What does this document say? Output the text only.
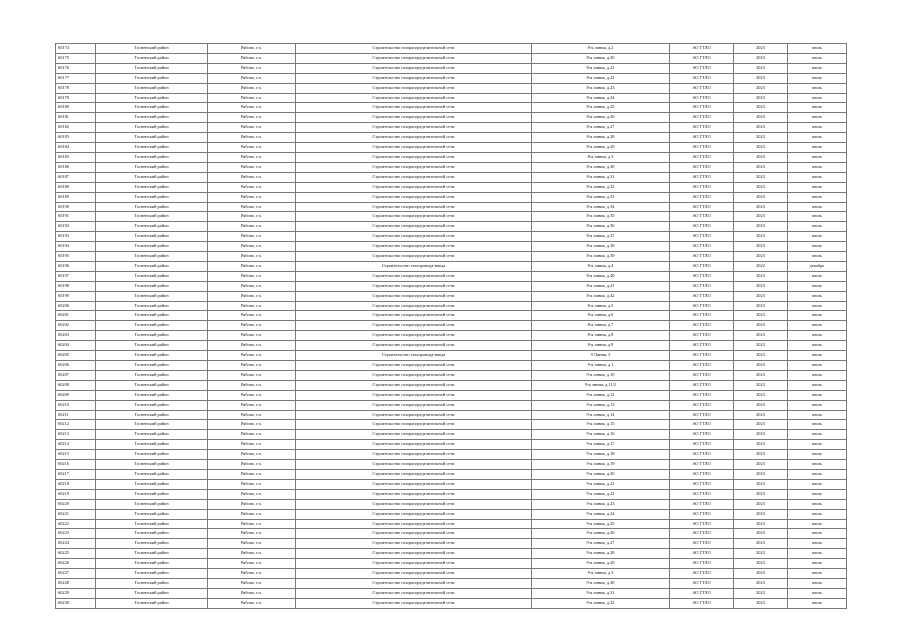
60174	Тосненский район	Рябово, г.п.	Строительство газораспределительной сети	8-я линия, д.2	АО ГТЛО	2023	июль
60175	Тосненский район	Рябово, г.п.	Строительство газораспределительной сети	8-я линия, д.20	АО ГТЛО	2023	июль
60176	Тосненский район	Рябово, г.п.	Строительство газораспределительной сети	8-я линия, д.21	АО ГТЛО	2023	июль
60177	Тосненский район	Рябово, г.п.	Строительство газораспределительной сети	8-я линия, д.22	АО ГТЛО	2023	июль
60178	Тосненский район	Рябово, г.п.	Строительство газораспределительной сети	8-я линия, д.23	АО ГТЛО	2023	июль
60179	Тосненский район	Рябово, г.п.	Строительство газораспределительной сети	8-я линия, д.24	АО ГТЛО	2023	июль
60180	Тосненский район	Рябово, г.п.	Строительство газораспределительной сети	8-я линия, д.25	АО ГТЛО	2023	июль
60181	Тосненский район	Рябово, г.п.	Строительство газораспределительной сети	8-я линия, д.26	АО ГТЛО	2023	июль
60182	Тосненский район	Рябово, г.п.	Строительство газораспределительной сети	8-я линия, д.27	АО ГТЛО	2023	июль
60183	Тосненский район	Рябово, г.п.	Строительство газораспределительной сети	8-я линия, д.28	АО ГТЛО	2023	июль
60184	Тосненский район	Рябово, г.п.	Строительство газораспределительной сети	8-я линия, д.29	АО ГТЛО	2023	июль
60185	Тосненский район	Рябово, г.п.	Строительство газораспределительной сети	8-я линия, д.3	АО ГТЛО	2023	июль
60186	Тосненский район	Рябово, г.п.	Строительство газораспределительной сети	8-я линия, д.30	АО ГТЛО	2023	июль
60187	Тосненский район	Рябово, г.п.	Строительство газораспределительной сети	8-я линия, д.31	АО ГТЛО	2023	июль
60188	Тосненский район	Рябово, г.п.	Строительство газораспределительной сети	8-я линия, д.32	АО ГТЛО	2023	июль
60189	Тосненский район	Рябово, г.п.	Строительство газораспределительной сети	8-я линия, д.33	АО ГТЛО	2023	июль
60190	Тосненский район	Рябово, г.п.	Строительство газораспределительной сети	8-я линия, д.34	АО ГТЛО	2023	июль
60191	Тосненский район	Рябово, г.п.	Строительство газораспределительной сети	8-я линия, д.35	АО ГТЛО	2023	июль
60192	Тосненский район	Рябово, г.п.	Строительство газораспределительной сети	8-я линия, д.36	АО ГТЛО	2023	июль
60193	Тосненский район	Рябово, г.п.	Строительство газораспределительной сети	8-я линия, д.37	АО ГТЛО	2023	июль
60194	Тосненский район	Рябово, г.п.	Строительство газораспределительной сети	8-я линия, д.38	АО ГТЛО	2023	июль
60195	Тосненский район	Рябово, г.п.	Строительство газораспределительной сети	8-я линия, д.39	АО ГТЛО	2023	июль
60196	Тосненский район	Рябово, г.п.	Строительство газопровода-ввода	8-я линия, д.4	АО ГТЛО	2022	декабрь
60197	Тосненский район	Рябово, г.п.	Строительство газораспределительной сети	8-я линия, д.40	АО ГТЛО	2023	июль
60198	Тосненский район	Рябово, г.п.	Строительство газораспределительной сети	8-я линия, д.41	АО ГТЛО	2023	июль
60199	Тосненский район	Рябово, г.п.	Строительство газораспределительной сети	8-я линия, д.42	АО ГТЛО	2023	июль
60200	Тосненский район	Рябово, г.п.	Строительство газораспределительной сети	8-я линия, д.5	АО ГТЛО	2023	июль
60201	Тосненский район	Рябово, г.п.	Строительство газораспределительной сети	8-я линия, д.6	АО ГТЛО	2023	июль
60202	Тосненский район	Рябово, г.п.	Строительство газораспределительной сети	8-я линия, д.7	АО ГТЛО	2023	июль
60203	Тосненский район	Рябово, г.п.	Строительство газораспределительной сети	8-я линия, д.8	АО ГТЛО	2023	июль
60204	Тосненский район	Рябово, г.п.	Строительство газораспределительной сети	8-я линия, д.9	АО ГТЛО	2023	июль
60205	Тосненский район	Рябово, г.п.	Строительство газопровода-ввода	9 Линия, 3	АО ГТЛО	2023	июль
60206	Тосненский район	Рябово, г.п.	Строительство газораспределительной сети	9-я линия, д.1	АО ГТЛО	2023	июль
60207	Тосненский район	Рябово, г.п.	Строительство газораспределительной сети	9-я линия, д.10	АО ГТЛО	2023	июль
60208	Тосненский район	Рябово, г.п.	Строительство газораспределительной сети	9-я линия, д.11/2	АО ГТЛО	2023	июль
60209	Тосненский район	Рябово, г.п.	Строительство газораспределительной сети	9-я линия, д.12	АО ГТЛО	2023	июль
60210	Тосненский район	Рябово, г.п.	Строительство газораспределительной сети	9-я линия, д.13	АО ГТЛО	2023	июль
60211	Тосненский район	Рябово, г.п.	Строительство газораспределительной сети	9-я линия, д.14	АО ГТЛО	2023	июль
60212	Тосненский район	Рябово, г.п.	Строительство газораспределительной сети	9-я линия, д.15	АО ГТЛО	2023	июль
60213	Тосненский район	Рябово, г.п.	Строительство газораспределительной сети	9-я линия, д.16	АО ГТЛО	2023	июль
60214	Тосненский район	Рябово, г.п.	Строительство газораспределительной сети	9-я линия, д.17	АО ГТЛО	2023	июль
60215	Тосненский район	Рябово, г.п.	Строительство газораспределительной сети	9-я линия, д.18	АО ГТЛО	2023	июль
60216	Тосненский район	Рябово, г.п.	Строительство газораспределительной сети	9-я линия, д.19	АО ГТЛО	2023	июль
60217	Тосненский район	Рябово, г.п.	Строительство газораспределительной сети	9-я линия, д.20	АО ГТЛО	2023	июль
60218	Тосненский район	Рябово, г.п.	Строительство газораспределительной сети	9-я линия, д.21	АО ГТЛО	2023	июль
60219	Тосненский район	Рябово, г.п.	Строительство газораспределительной сети	9-я линия, д.22	АО ГТЛО	2023	июль
60220	Тосненский район	Рябово, г.п.	Строительство газораспределительной сети	9-я линия, д.23	АО ГТЛО	2023	июль
60221	Тосненский район	Рябово, г.п.	Строительство газораспределительной сети	9-я линия, д.24	АО ГТЛО	2023	июль
60222	Тосненский район	Рябово, г.п.	Строительство газораспределительной сети	9-я линия, д.25	АО ГТЛО	2023	июль
60223	Тосненский район	Рябово, г.п.	Строительство газораспределительной сети	9-я линия, д.26	АО ГТЛО	2023	июль
60224	Тосненский район	Рябово, г.п.	Строительство газораспределительной сети	9-я линия, д.27	АО ГТЛО	2023	июль
60225	Тосненский район	Рябово, г.п.	Строительство газораспределительной сети	9-я линия, д.28	АО ГТЛО	2023	июль
60226	Тосненский район	Рябово, г.п.	Строительство газораспределительной сети	9-я линия, д.29	АО ГТЛО	2023	июль
60227	Тосненский район	Рябово, г.п.	Строительство газораспределительной сети	9-я линия, д.3	АО ГТЛО	2023	июль
60228	Тосненский район	Рябово, г.п.	Строительство газораспределительной сети	9-я линия, д.30	АО ГТЛО	2023	июль
60229	Тосненский район	Рябово, г.п.	Строительство газораспределительной сети	9-я линия, д.31	АО ГТЛО	2023	июль
60230	Тосненский район	Рябово, г.п.	Строительство газораспределительной сети	9-я линия, д.32	АО ГТЛО	2023	июль
